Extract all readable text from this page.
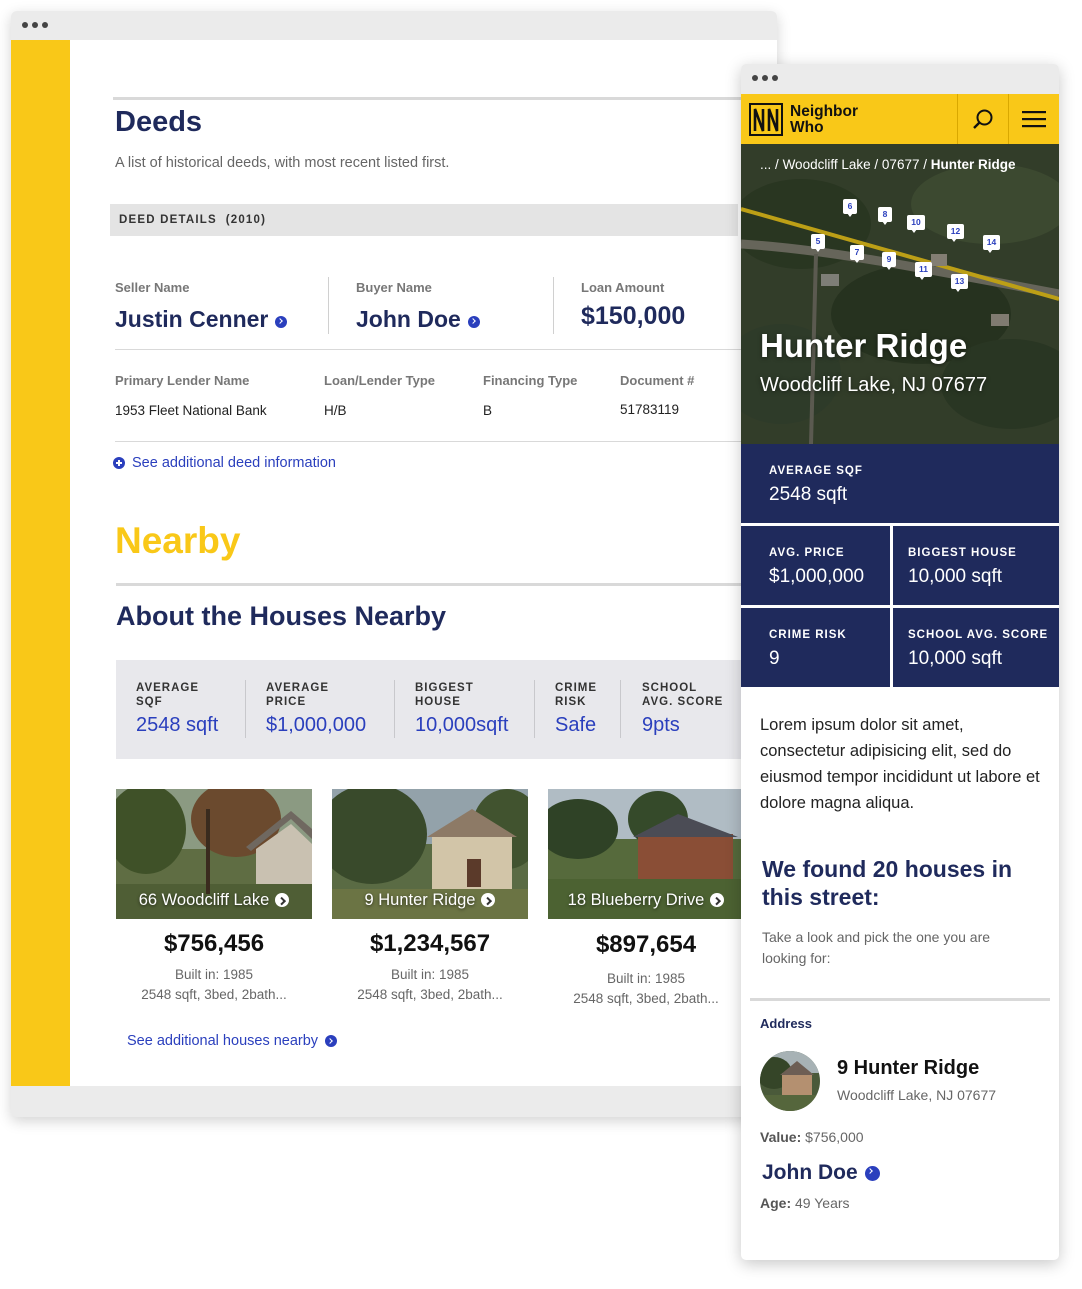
Deeds

A list of historical deeds, with most recent listed first.

DEED DETAILS (2010)
Seller Name
Justin Cenner
Buyer Name
John Doe
Loan Amount
$150,000
Primary Lender Name
1953 Fleet National Bank
Loan/Lender Type
H/B
Financing Type
B
Document #
51783119
See additional deed information
Nearby
About the Houses Nearby
AVERAGE
SQF
2548 sqft
AVERAGE
PRICE
$1,000,000
BIGGEST
HOUSE
10,000sqft
CRIME
RISK
Safe
SCHOOL
AVG. SCORE
9pts
66 Woodcliff Lake
$756,456
Built in: 1985
2548 sqft, 3bed, 2bath...
9 Hunter Ridge
$1,234,567
Built in: 1985
2548 sqft, 3bed, 2bath...
18 Blueberry Drive
$897,654
Built in: 1985
2548 sqft, 3bed, 2bath...
See additional houses nearby
Neighbor
Who
... / Woodcliff Lake / 07677 / Hunter Ridge
6
8
10
12
14
5
7
9
11
13
Hunter Ridge
Woodcliff Lake, NJ 07677
AVERAGE SQF
2548 sqft
AVG. PRICE
$1,000,000
BIGGEST HOUSE
10,000 sqft
CRIME RISK
9
SCHOOL AVG. SCORE
10,000 sqft

Lorem ipsum dolor sit amet, consectetur adipisicing elit, sed do eiusmod tempor incididunt ut labore et dolore magna aliqua.

We found 20 houses in this street:

Take a look and pick the one you are looking for:

Address
9 Hunter Ridge
Woodcliff Lake, NJ 07677
Value: $756,000
John Doe
Age: 49 Years
